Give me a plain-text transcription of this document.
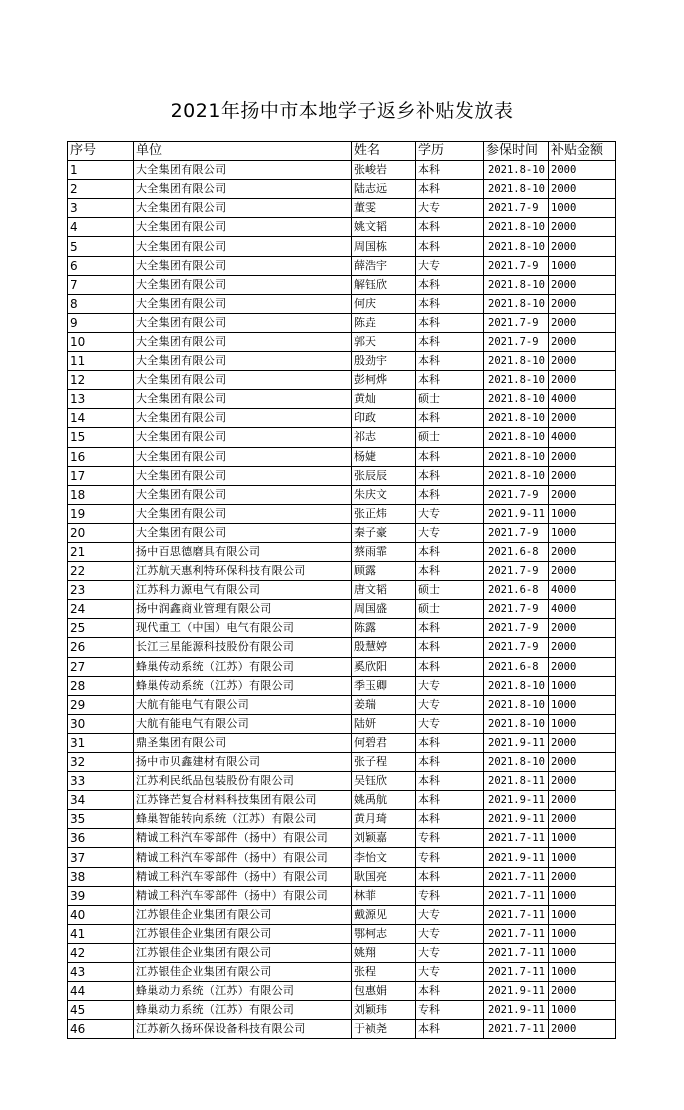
2021年扬中市本地学子返乡补贴发放表
序号	单位	姓名	学历	参保时间	补贴金额
1	大全集团有限公司	张峻岩	本科	2021.8-10	2000
2	大全集团有限公司	陆志远	本科	2021.8-10	2000
3	大全集团有限公司	董雯	大专	2021.7-9	1000
4	大全集团有限公司	姚文韬	本科	2021.8-10	2000
5	大全集团有限公司	周国栋	本科	2021.8-10	2000
6	大全集团有限公司	薛浩宇	大专	2021.7-9	1000
7	大全集团有限公司	解钰欣	本科	2021.8-10	2000
8	大全集团有限公司	何庆	本科	2021.8-10	2000
9	大全集团有限公司	陈垚	本科	2021.7-9	2000
10	大全集团有限公司	郭天	本科	2021.7-9	2000
11	大全集团有限公司	殷劲宇	本科	2021.8-10	2000
12	大全集团有限公司	彭柯烨	本科	2021.8-10	2000
13	大全集团有限公司	黄灿	硕士	2021.8-10	4000
14	大全集团有限公司	印政	本科	2021.8-10	2000
15	大全集团有限公司	祁志	硕士	2021.8-10	4000
16	大全集团有限公司	杨婕	本科	2021.8-10	2000
17	大全集团有限公司	张辰辰	本科	2021.8-10	2000
18	大全集团有限公司	朱庆文	本科	2021.7-9	2000
19	大全集团有限公司	张正炜	大专	2021.9-11	1000
20	大全集团有限公司	秦子豪	大专	2021.7-9	1000
21	扬中百思德磨具有限公司	蔡雨霏	本科	2021.6-8	2000
22	江苏航天惠利特环保科技有限公司	顾露	本科	2021.7-9	2000
23	江苏科力源电气有限公司	唐文韬	硕士	2021.6-8	4000
24	扬中润鑫商业管理有限公司	周国盛	硕士	2021.7-9	4000
25	现代重工（中国）电气有限公司	陈露	本科	2021.7-9	2000
26	长江三星能源科技股份有限公司	殷慧婷	本科	2021.7-9	2000
27	蜂巢传动系统（江苏）有限公司	奚欣阳	本科	2021.6-8	2000
28	蜂巢传动系统（江苏）有限公司	季玉卿	大专	2021.8-10	1000
29	大航有能电气有限公司	姜瑞	大专	2021.8-10	1000
30	大航有能电气有限公司	陆妍	大专	2021.8-10	1000
31	鼎圣集团有限公司	何碧君	本科	2021.9-11	2000
32	扬中市贝鑫建材有限公司	张子程	本科	2021.8-10	2000
33	江苏利民纸品包装股份有限公司	吴钰欣	本科	2021.8-11	2000
34	江苏锋芒复合材料科技集团有限公司	姚禹航	本科	2021.9-11	2000
35	蜂巢智能转向系统（江苏）有限公司	黄月琦	本科	2021.9-11	2000
36	精诚工科汽车零部件（扬中）有限公司	刘颖嘉	专科	2021.7-11	1000
37	精诚工科汽车零部件（扬中）有限公司	李怡文	专科	2021.9-11	1000
38	精诚工科汽车零部件（扬中）有限公司	耿国亮	本科	2021.7-11	2000
39	精诚工科汽车零部件（扬中）有限公司	林菲	专科	2021.7-11	1000
40	江苏银佳企业集团有限公司	戴源见	大专	2021.7-11	1000
41	江苏银佳企业集团有限公司	鄂柯志	大专	2021.7-11	1000
42	江苏银佳企业集团有限公司	姚翔	大专	2021.7-11	1000
43	江苏银佳企业集团有限公司	张程	大专	2021.7-11	1000
44	蜂巢动力系统（江苏）有限公司	包惠娟	本科	2021.9-11	2000
45	蜂巢动力系统（江苏）有限公司	刘颖玮	专科	2021.9-11	1000
46	江苏新久扬环保设备科技有限公司	于祯尧	本科	2021.7-11	2000
